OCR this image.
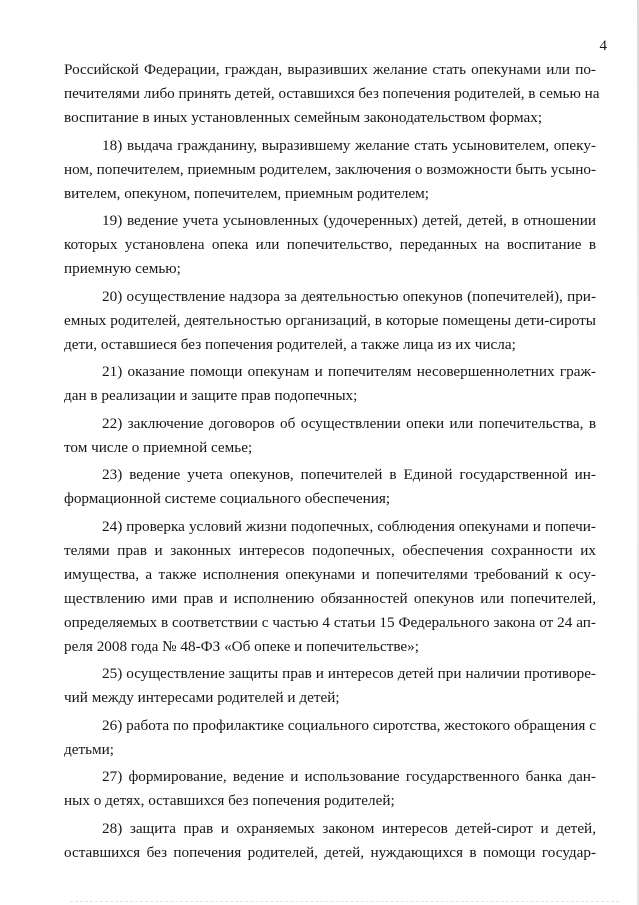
4
Российской Федерации, граждан, выразивших желание стать опекунами или по-
печителями либо принять детей, оставшихся без попечения родителей, в семью на
воспитание в иных установленных семейным законодательством формах;
18) выдача гражданину, выразившему желание стать усыновителем, опеку-
ном, попечителем, приемным родителем, заключения о возможности быть усыно-
вителем, опекуном, попечителем, приемным родителем;
19) ведение учета усыновленных (удочеренных) детей, детей, в отношении
которых установлена опека или попечительство, переданных на воспитание в
приемную семью;
20) осуществление надзора за деятельностью опекунов (попечителей), при-
емных родителей, деятельностью организаций, в которые помещены дети-сироты
дети, оставшиеся без попечения родителей, а также лица из их числа;
21) оказание помощи опекунам и попечителям несовершеннолетних граж-
дан в реализации и защите прав подопечных;
22) заключение договоров об осуществлении опеки или попечительства, в
том числе о приемной семье;
23) ведение учета опекунов, попечителей в Единой государственной ин-
формационной системе социального обеспечения;
24) проверка условий жизни подопечных, соблюдения опекунами и попечи-
телями прав и законных интересов подопечных, обеспечения сохранности их
имущества, а также исполнения опекунами и попечителями требований к осу-
ществлению ими прав и исполнению обязанностей опекунов или попечителей,
определяемых в соответствии с частью 4 статьи 15 Федерального закона от 24 ап-
реля 2008 года № 48-ФЗ «Об опеке и попечительстве»;
25) осуществление защиты прав и интересов детей при наличии противоре-
чий между интересами родителей и детей;
26) работа по профилактике социального сиротства, жестокого обращения с
детьми;
27) формирование, ведение и использование государственного банка дан-
ных о детях, оставшихся без попечения родителей;
28) защита прав и охраняемых законом интересов детей-сирот и детей,
оставшихся без попечения родителей, детей, нуждающихся в помощи государ-
